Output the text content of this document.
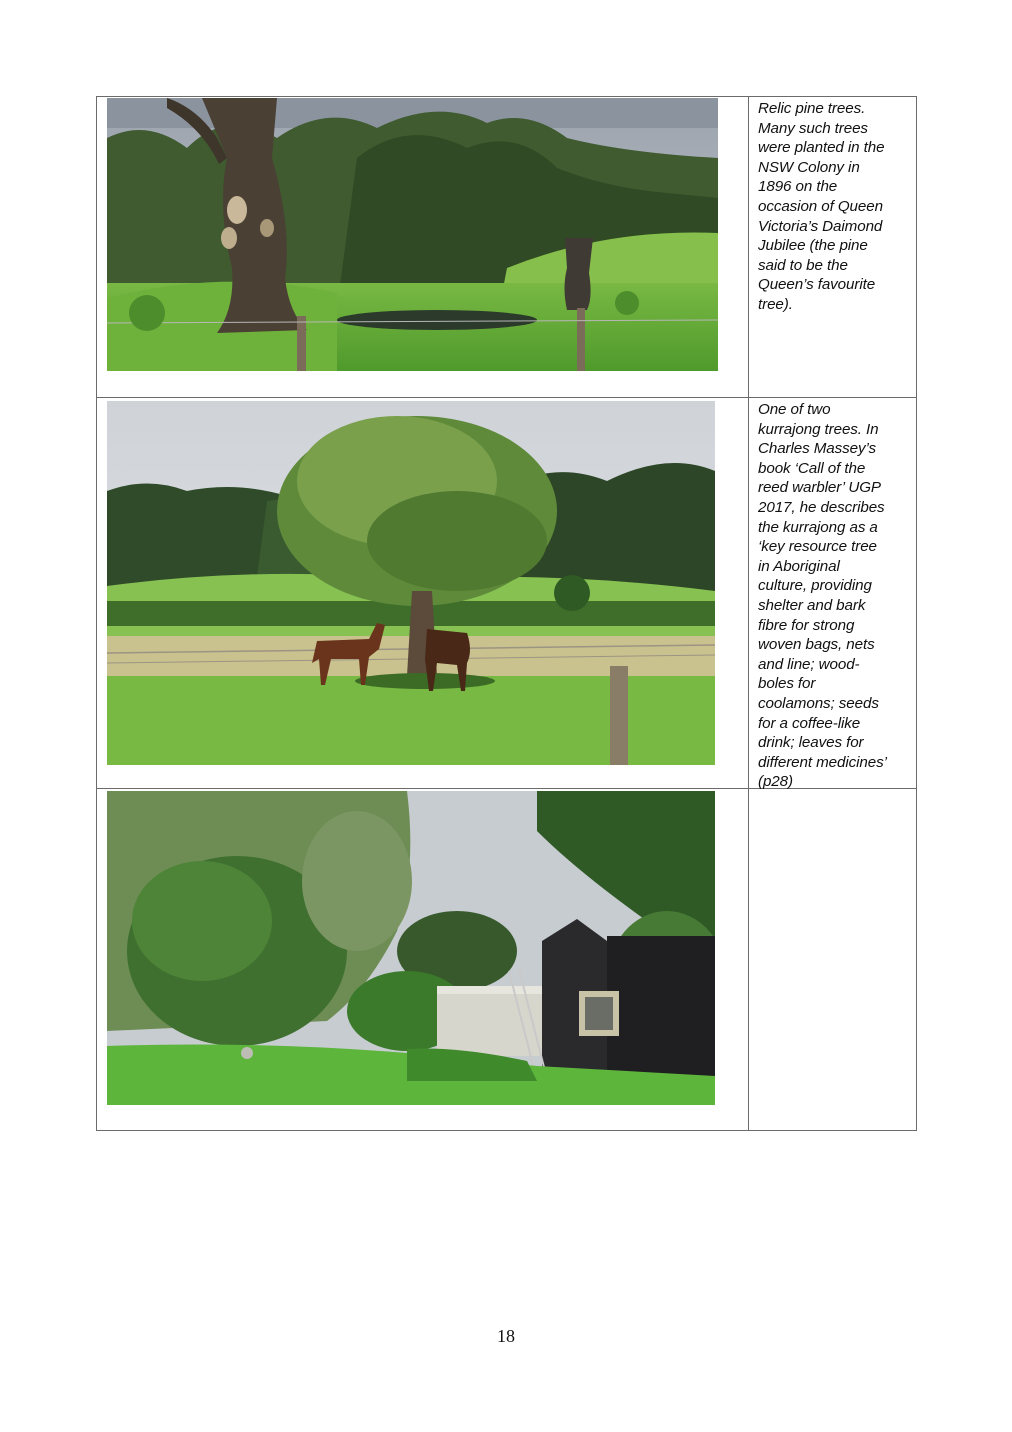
Relic pine trees.
Many such trees
were planted in the
NSW Colony in
1896 on the
occasion of Queen
Victoria’s Daimond
Jubilee (the pine
said to be the
Queen’s favourite
tree).
One of two
kurrajong trees. In
Charles Massey’s
book ‘Call of the
reed warbler’ UGP
2017, he describes
the kurrajong as a
‘key resource tree
in Aboriginal
culture, providing
shelter and bark
fibre for strong
woven bags, nets
and line; wood-
boles for
coolamons; seeds
for a coffee-like
drink; leaves for
different medicines’
(p28)
18
